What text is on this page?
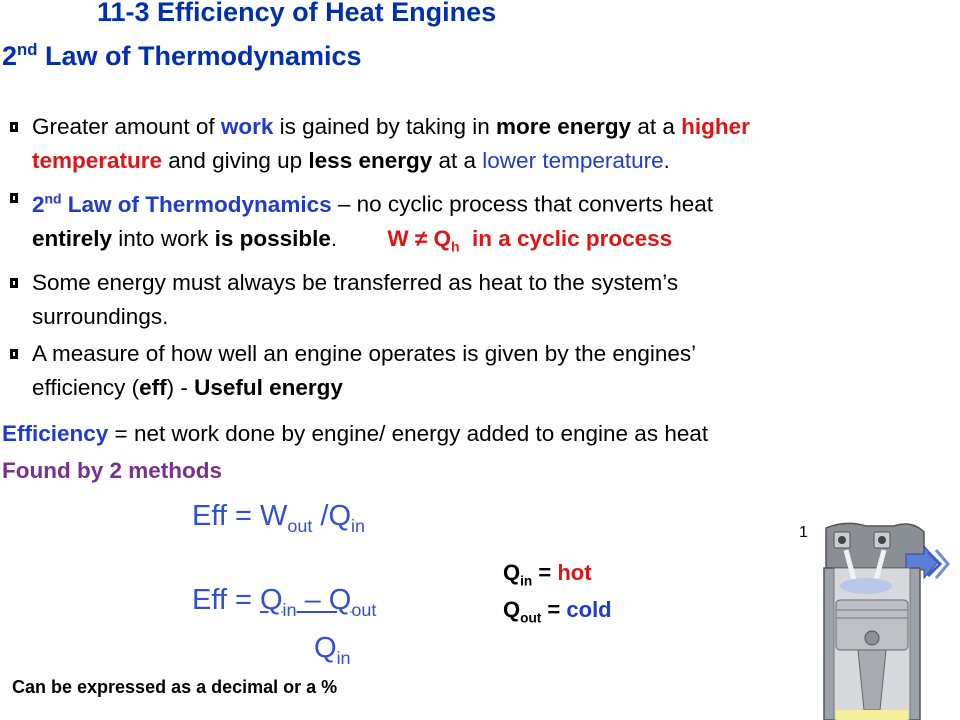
11-3 Efficiency of Heat Engines
2nd Law of Thermodynamics
Greater amount of work is gained by taking in more energy at a higher
temperature and giving up less energy at a lower temperature.
2nd Law of Thermodynamics – no cyclic process that converts heat
entirely into work is possible. $W \ne Q_h$  in a cyclic process
Some energy must always be transferred as heat to the system’s
surroundings.
A measure of how well an engine operates is given by the engines’
efficiency (eff) - Useful energy
Efficiency = net work done by engine/ energy added to engine as heat
Found by 2 methods
Eff = $W_{out}$ $/Q_{in}$
Eff = $Q_{in} - Q_{out}$
$Q_{in}$
$Q_{in}$ = hot
$Q_{out}$ = cold
Can be expressed as a decimal or a %
1
